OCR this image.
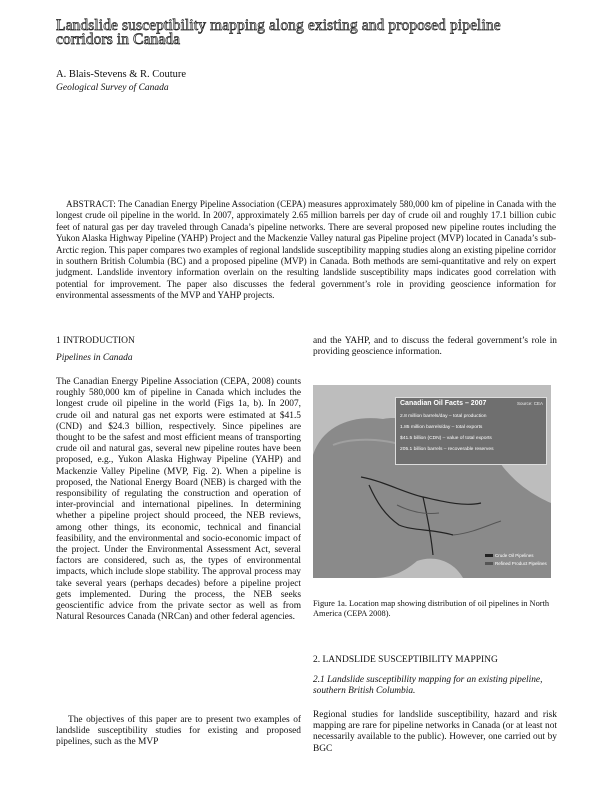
Landslide susceptibility mapping along existing and proposed pipeline corridors in Canada
A. Blais-Stevens & R. Couture
Geological Survey of Canada
ABSTRACT: The Canadian Energy Pipeline Association (CEPA) measures approximately 580,000 km of pipeline in Canada with the longest crude oil pipeline in the world. In 2007, approximately 2.65 million barrels per day of crude oil and roughly 17.1 billion cubic feet of natural gas per day traveled through Canada’s pipeline networks. There are several proposed new pipeline routes including the Yukon Alaska Highway Pipeline (YAHP) Project and the Mackenzie Valley natural gas Pipeline project (MVP) located in Canada’s sub-Arctic region. This paper compares two examples of regional landslide susceptibility mapping studies along an existing pipeline corridor in southern British Columbia (BC) and a proposed pipeline (MVP) in Canada. Both methods are semi-quantitative and rely on expert judgment. Landslide inventory information overlain on the resulting landslide susceptibility maps indicates good correlation with potential for improvement. The paper also discusses the federal government’s role in providing geoscience information for environmental assessments of the MVP and YAHP projects.
1 INTRODUCTION
Pipelines in Canada
The Canadian Energy Pipeline Association (CEPA, 2008) counts roughly 580,000 km of pipeline in Canada which includes the longest crude oil pipeline in the world (Figs 1a, b). In 2007, crude oil and natural gas net exports were estimated at $41.5 (CND) and $24.3 billion, respectively. Since pipelines are thought to be the safest and most efficient means of transporting crude oil and natural gas, several new pipeline routes have been proposed, e.g., Yukon Alaska Highway Pipeline (YAHP) and Mackenzie Valley Pipeline (MVP, Fig. 2). When a pipeline is proposed, the National Energy Board (NEB) is charged with the responsibility of regulating the construction and operation of inter-provincial and international pipelines. In determining whether a pipeline project should proceed, the NEB reviews, among other things, its economic, technical and financial feasibility, and the environmental and socio-economic impact of the project. Under the Environmental Assessment Act, several factors are considered, such as, the types of environmental impacts, which include slope stability. The approval process may take several years (perhaps decades) before a pipeline project gets implemented. During the process, the NEB seeks geoscientific advice from the private sector as well as from Natural Resources Canada (NRCan) and other federal agencies.
The objectives of this paper are to present two examples of landslide susceptibility studies for existing and proposed pipelines, such as the MVP
and the YAHP, and to discuss the federal government’s role in providing geoscience information.
Canadian Oil Facts – 2007	Source: CEA
2.8 million barrels/day – total production
1.85 million barrels/day – total exports
$41.5 billion (CDN) – value of total exports
205.1 billion barrels – recoverable reserves
Crude Oil Pipelines
Refined Product Pipelines
Figure 1a. Location map showing distribution of oil pipelines in North America (CEPA 2008).
2. LANDSLIDE SUSCEPTIBILITY MAPPING
2.1 Landslide susceptibility mapping for an existing pipeline, southern British Columbia.
Regional studies for landslide susceptibility, hazard and risk mapping are rare for pipeline networks in Canada (or at least not necessarily available to the public). However, one carried out by BGC
